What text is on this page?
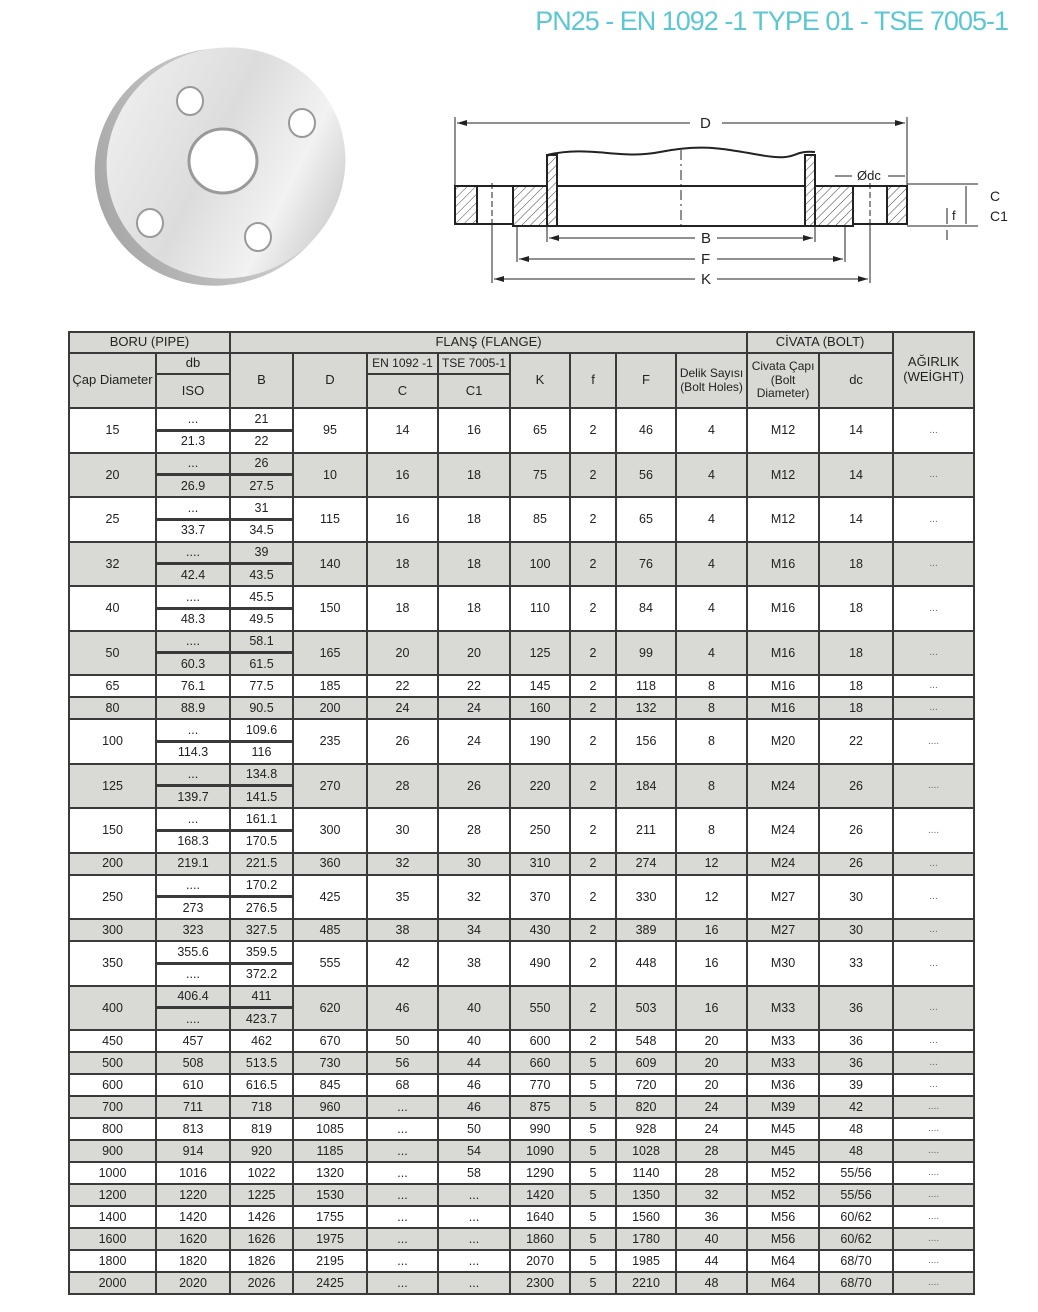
PN25 - EN 1092 -1 TYPE 01 - TSE 7005-1
D
B
F
K
Ødc
C
C1
f
BORU (PIPE)		FLANŞ (FLANGE)								CİVATA (BOLT)		AĞIRLIK (WEİGHT)
Çap Diameter	db	B	D	EN 1092 -1	TSE 7005-1	K	f	F	Delik Sayısı (Bolt Holes)	Civata Çapı (Bolt Diameter)	dc	
	ISO			C	C1							
15	...	21	95	14	16	65	2	46	4	M12	14	...
	21.3	22										
20	...	26	10	16	18	75	2	56	4	M12	14	...
	26.9	27.5										
25	...	31	115	16	18	85	2	65	4	M12	14	...
	33.7	34.5										
32	....	39	140	18	18	100	2	76	4	M16	18	...
	42.4	43.5										
40	....	45.5	150	18	18	110	2	84	4	M16	18	...
	48.3	49.5										
50	....	58.1	165	20	20	125	2	99	4	M16	18	...
	60.3	61.5										
65	76.1	77.5	185	22	22	145	2	118	8	M16	18	...
80	88.9	90.5	200	24	24	160	2	132	8	M16	18	...
100	...	109.6	235	26	24	190	2	156	8	M20	22	....
	114.3	116										
125	...	134.8	270	28	26	220	2	184	8	M24	26	....
	139.7	141.5										
150	...	161.1	300	30	28	250	2	211	8	M24	26	....
	168.3	170.5										
200	219.1	221.5	360	32	30	310	2	274	12	M24	26	...
250	....	170.2	425	35	32	370	2	330	12	M27	30	...
	273	276.5										
300	323	327.5	485	38	34	430	2	389	16	M27	30	...
350	355.6	359.5	555	42	38	490	2	448	16	M30	33	...
	....	372.2										
400	406.4	411	620	46	40	550	2	503	16	M33	36	...
	....	423.7										
450	457	462	670	50	40	600	2	548	20	M33	36	...
500	508	513.5	730	56	44	660	5	609	20	M33	36	...
600	610	616.5	845	68	46	770	5	720	20	M36	39	...
700	711	718	960	...	46	875	5	820	24	M39	42	....
800	813	819	1085	...	50	990	5	928	24	M45	48	....
900	914	920	1185	...	54	1090	5	1028	28	M45	48	....
1000	1016	1022	1320	...	58	1290	5	1140	28	M52	55/56	....
1200	1220	1225	1530	...	...	1420	5	1350	32	M52	55/56	....
1400	1420	1426	1755	...	...	1640	5	1560	36	M56	60/62	....
1600	1620	1626	1975	...	...	1860	5	1780	40	M56	60/62	....
1800	1820	1826	2195	...	...	2070	5	1985	44	M64	68/70	....
2000	2020	2026	2425	...	...	2300	5	2210	48	M64	68/70	....
